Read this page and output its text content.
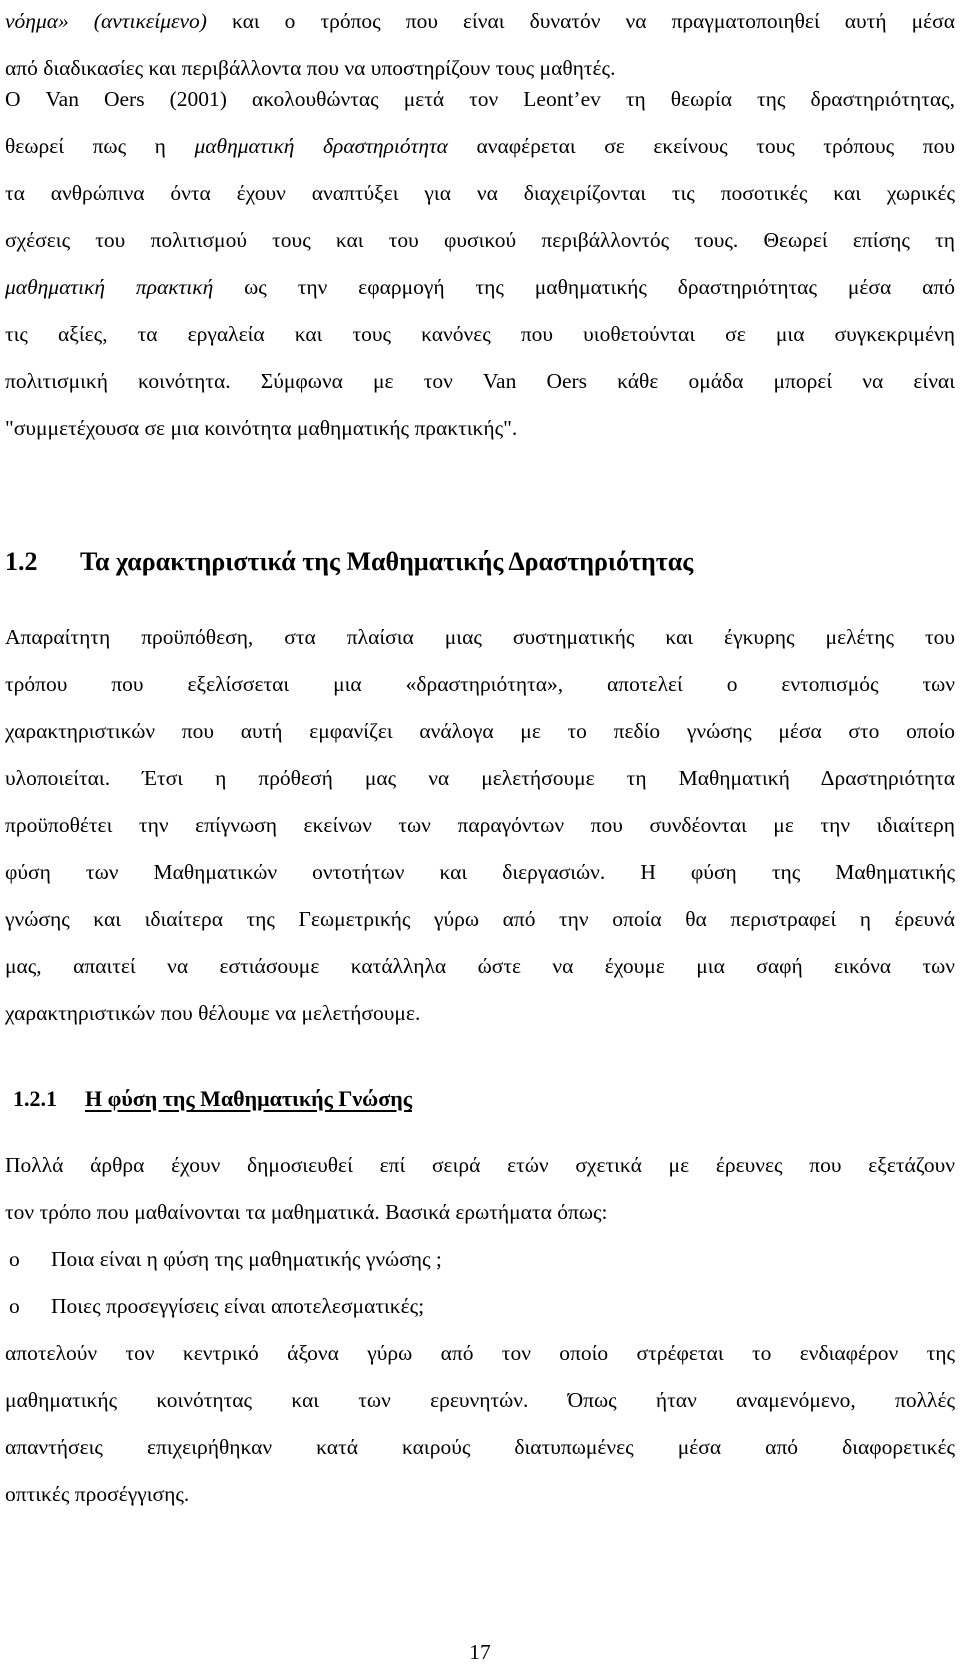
νόημα» (αντικείμενο) και ο τρόπος που είναι δυνατόν να πραγματοποιηθεί αυτή μέσα
από διαδικασίες και περιβάλλοντα που να υποστηρίζουν τους μαθητές.
Ο Van Oers (2001) ακολουθώντας μετά τον Leont’ev τη θεωρία της δραστηριότητας,
θεωρεί πως η μαθηματική δραστηριότητα αναφέρεται σε εκείνους τους τρόπους που
τα ανθρώπινα όντα έχουν αναπτύξει για να διαχειρίζονται τις ποσοτικές και χωρικές
σχέσεις του πολιτισμού τους και του φυσικού περιβάλλοντός τους. Θεωρεί επίσης τη
μαθηματική πρακτική ως την εφαρμογή της μαθηματικής δραστηριότητας μέσα από
τις αξίες, τα εργαλεία και τους κανόνες που υιοθετούνται σε μια συγκεκριμένη
πολιτισμική κοινότητα. Σύμφωνα με τον Van Oers κάθε ομάδα μπορεί να είναι
"συμμετέχουσα σε μια κοινότητα μαθηματικής πρακτικής".
1.2 Τα χαρακτηριστικά της Μαθηματικής Δραστηριότητας
Απαραίτητη προϋπόθεση, στα πλαίσια μιας συστηματικής και έγκυρης μελέτης του
τρόπου που εξελίσσεται μια «δραστηριότητα», αποτελεί ο εντοπισμός των
χαρακτηριστικών που αυτή εμφανίζει ανάλογα με το πεδίο γνώσης μέσα στο οποίο
υλοποιείται. Έτσι η πρόθεσή μας να μελετήσουμε τη Μαθηματική Δραστηριότητα
προϋποθέτει την επίγνωση εκείνων των παραγόντων που συνδέονται με την ιδιαίτερη
φύση των Μαθηματικών οντοτήτων και διεργασιών. Η φύση της Μαθηματικής
γνώσης και ιδιαίτερα της Γεωμετρικής γύρω από την οποία θα περιστραφεί η έρευνά
μας, απαιτεί να εστιάσουμε κατάλληλα ώστε να έχουμε μια σαφή εικόνα των
χαρακτηριστικών που θέλουμε να μελετήσουμε.
1.2.1 Η φύση της Μαθηματικής Γνώσης
Πολλά άρθρα έχουν δημοσιευθεί επί σειρά ετών σχετικά με έρευνες που εξετάζουν
τον τρόπο που μαθαίνονται τα μαθηματικά. Βασικά ερωτήματα όπως:
o Ποια είναι η φύση της μαθηματικής γνώσης ;
o Ποιες προσεγγίσεις είναι αποτελεσματικές;
αποτελούν τον κεντρικό άξονα γύρω από τον οποίο στρέφεται το ενδιαφέρον της
μαθηματικής κοινότητας και των ερευνητών. Όπως ήταν αναμενόμενο, πολλές
απαντήσεις επιχειρήθηκαν κατά καιρούς διατυπωμένες μέσα από διαφορετικές
οπτικές προσέγγισης.
17
